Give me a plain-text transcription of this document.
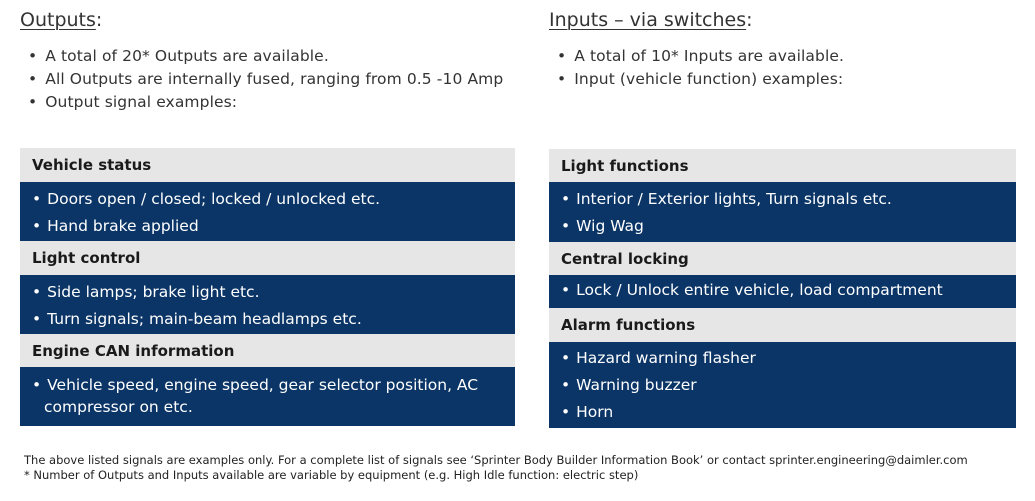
Outputs:
• A total of 20* Outputs are available.
• All Outputs are internally fused, ranging from 0.5 -10 Amp
• Output signal examples:
Vehicle status
• Doors open / closed; locked / unlocked etc.
• Hand brake applied
Light control
• Side lamps; brake light etc.
• Turn signals; main-beam headlamps etc.
Engine CAN information
• Vehicle speed, engine speed, gear selector position, AC compressor on etc.
Inputs – via switches:
• A total of 10* Inputs are available.
• Input (vehicle function) examples:
Light functions
• Interior / Exterior lights, Turn signals etc.
• Wig Wag
Central locking
• Lock / Unlock entire vehicle, load compartment
Alarm functions
• Hazard warning flasher
• Warning buzzer
• Horn
The above listed signals are examples only. For a complete list of signals see ‘Sprinter Body Builder Information Book’ or contact sprinter.engineering@daimler.com
* Number of Outputs and Inputs available are variable by equipment (e.g. High Idle function: electric step)
